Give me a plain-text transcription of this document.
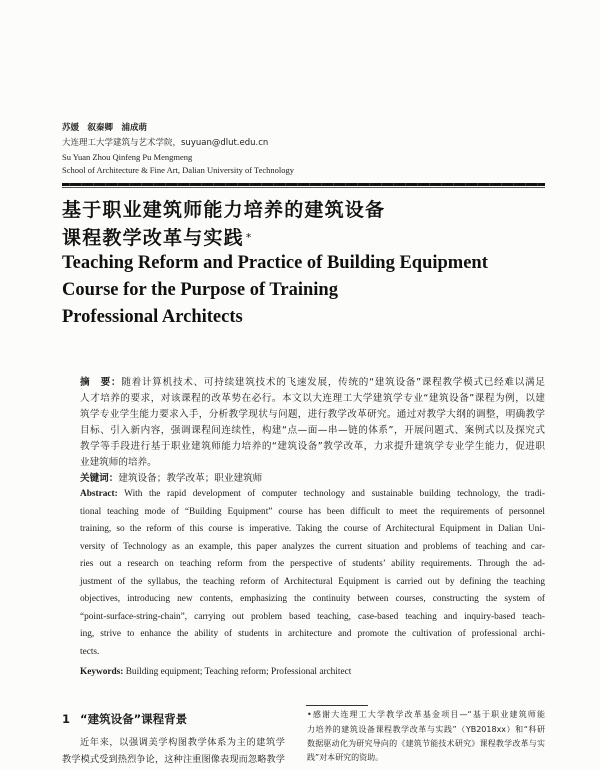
苏媛　叙秦卿　浦成萌
大连理工大学建筑与艺术学院，suyuan@dlut.edu.cn
Su Yuan Zhou Qinfeng Pu Mengmeng
School of Architecture & Fine Art, Dalian University of Technology
基于职业建筑师能力培养的建筑设备
课程教学改革与实践 *
Teaching Reform and Practice of Building Equipment
Course for the Purpose of Training
Professional Architects
摘　要：随着计算机技术、可持续建筑技术的飞速发展，传统的“建筑设备”课程教学模式已经难以满足
人才培养的要求，对该课程的改革势在必行。本文以大连理工大学建筑学专业“建筑设备”课程为例，以建
筑学专业学生能力要求入手，分析教学现状与问题，进行教学改革研究。通过对教学大纲的调整，明确教学
目标、引入新内容，强调课程间连续性，构建“点—面—串—链的体系”，开展问题式、案例式以及探究式
教学等手段进行基于职业建筑师能力培养的“建筑设备”教学改革，力求提升建筑学专业学生能力，促进职
业建筑师的培养。
关键词：建筑设备；教学改革；职业建筑师
Abstract: With the rapid development of computer technology and sustainable building technology, the tradi-
tional teaching mode of “Building Equipment” course has been difficult to meet the requirements of personnel
training, so the reform of this course is imperative. Taking the course of Architectural Equipment in Dalian Uni-
versity of Technology as an example, this paper analyzes the current situation and problems of teaching and car-
ries out a research on teaching reform from the perspective of students’ ability requirements. Through the ad-
justment of the syllabus, the teaching reform of Architectural Equipment is carried out by defining the teaching
objectives, introducing new contents, emphasizing the continuity between courses, constructing the system of
“point-surface-string-chain”, carrying out problem based teaching, case-based teaching and inquiry-based teach-
ing, strive to enhance the ability of students in architecture and promote the cultivation of professional archi-
tects.
Keywords: Building equipment; Teaching reform; Professional architect
1 “建筑设备”课程背景
近年来，以强调美学构图教学体系为主的建筑学
教学模式受到热烈争论，这种注重图像表现而忽略教学
•感谢大连理工大学教学改革基金项目—“基于职业建筑师能
力培养的建筑设备课程教学改革与实践”（YB2018xx）和“科研
数据驱动化为研究导向的《建筑节能技术研究》课程教学改革与实
践”对本研究的资助。
